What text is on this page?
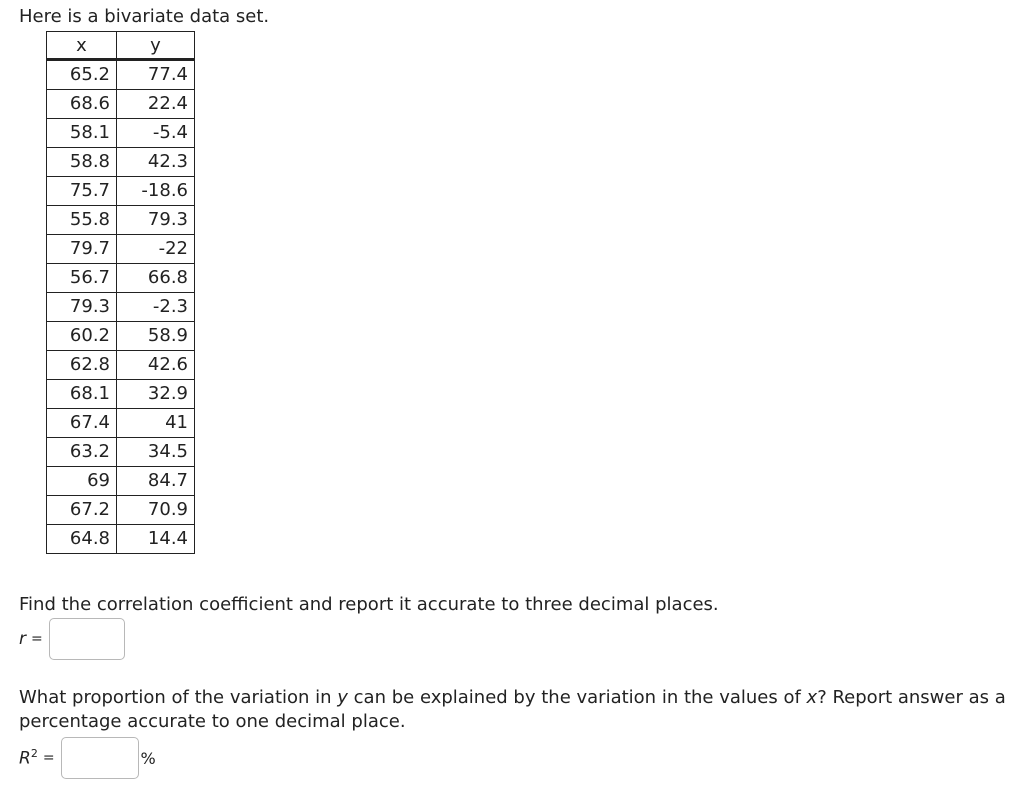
Here is a bivariate data set.
x	y
65.2	77.4
68.6	22.4
58.1	-5.4
58.8	42.3
75.7	-18.6
55.8	79.3
79.7	-22
56.7	66.8
79.3	-2.3
60.2	58.9
62.8	42.6
68.1	32.9
67.4	41
63.2	34.5
69	84.7
67.2	70.9
64.8	14.4
Find the correlation coefficient and report it accurate to three decimal places.
r =
What proportion of the variation in y can be explained by the variation in the values of x? Report answer as a percentage accurate to one decimal place.
$R^2$ =	%
